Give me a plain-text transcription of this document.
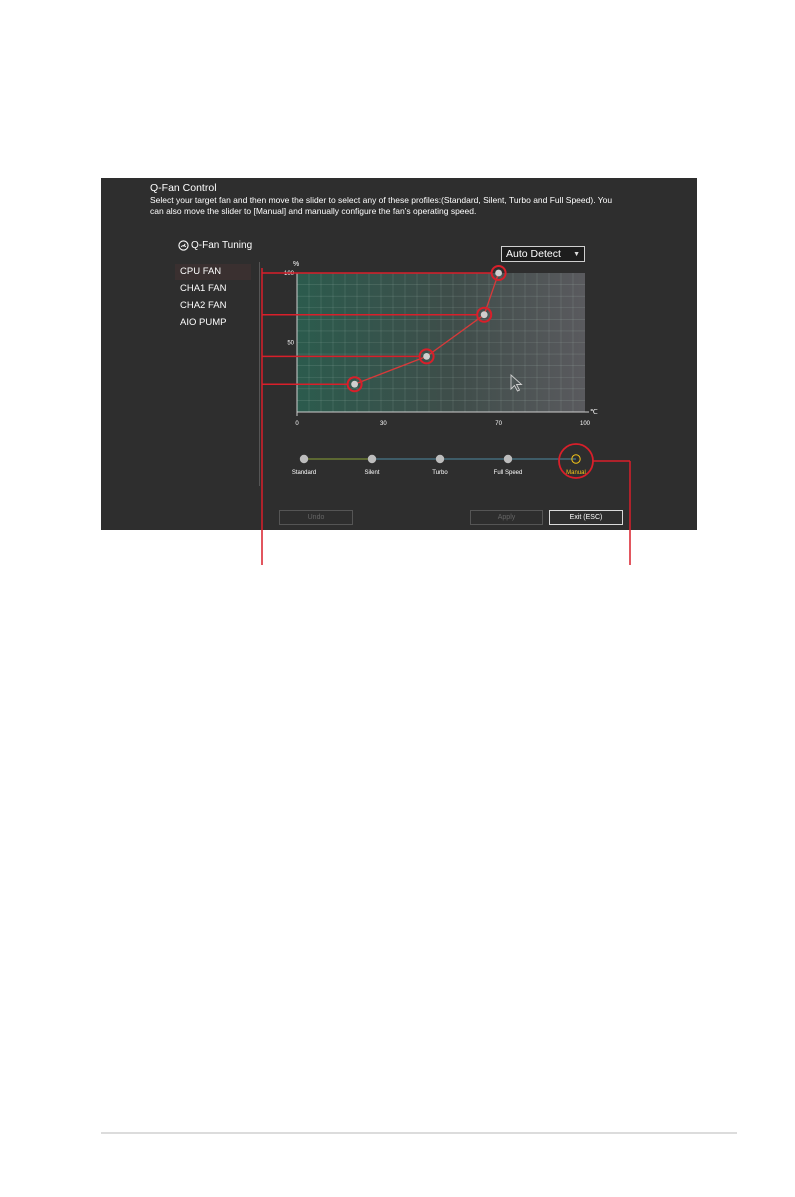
Q-Fan Control
Select your target fan and then move the slider to select any of these profiles:(Standard, Silent, Turbo and Full Speed). You can also move the slider to [Manual] and manually configure the fan’s operating speed.
Q-Fan Tuning
CPU FAN
CHA1 FAN
CHA2 FAN
AIO PUMP
Auto Detect ▼
%
℃
100
50
0	30	70	100
Standard	Silent	Turbo	Full Speed	Manual
Undo	Apply	Exit (ESC)
